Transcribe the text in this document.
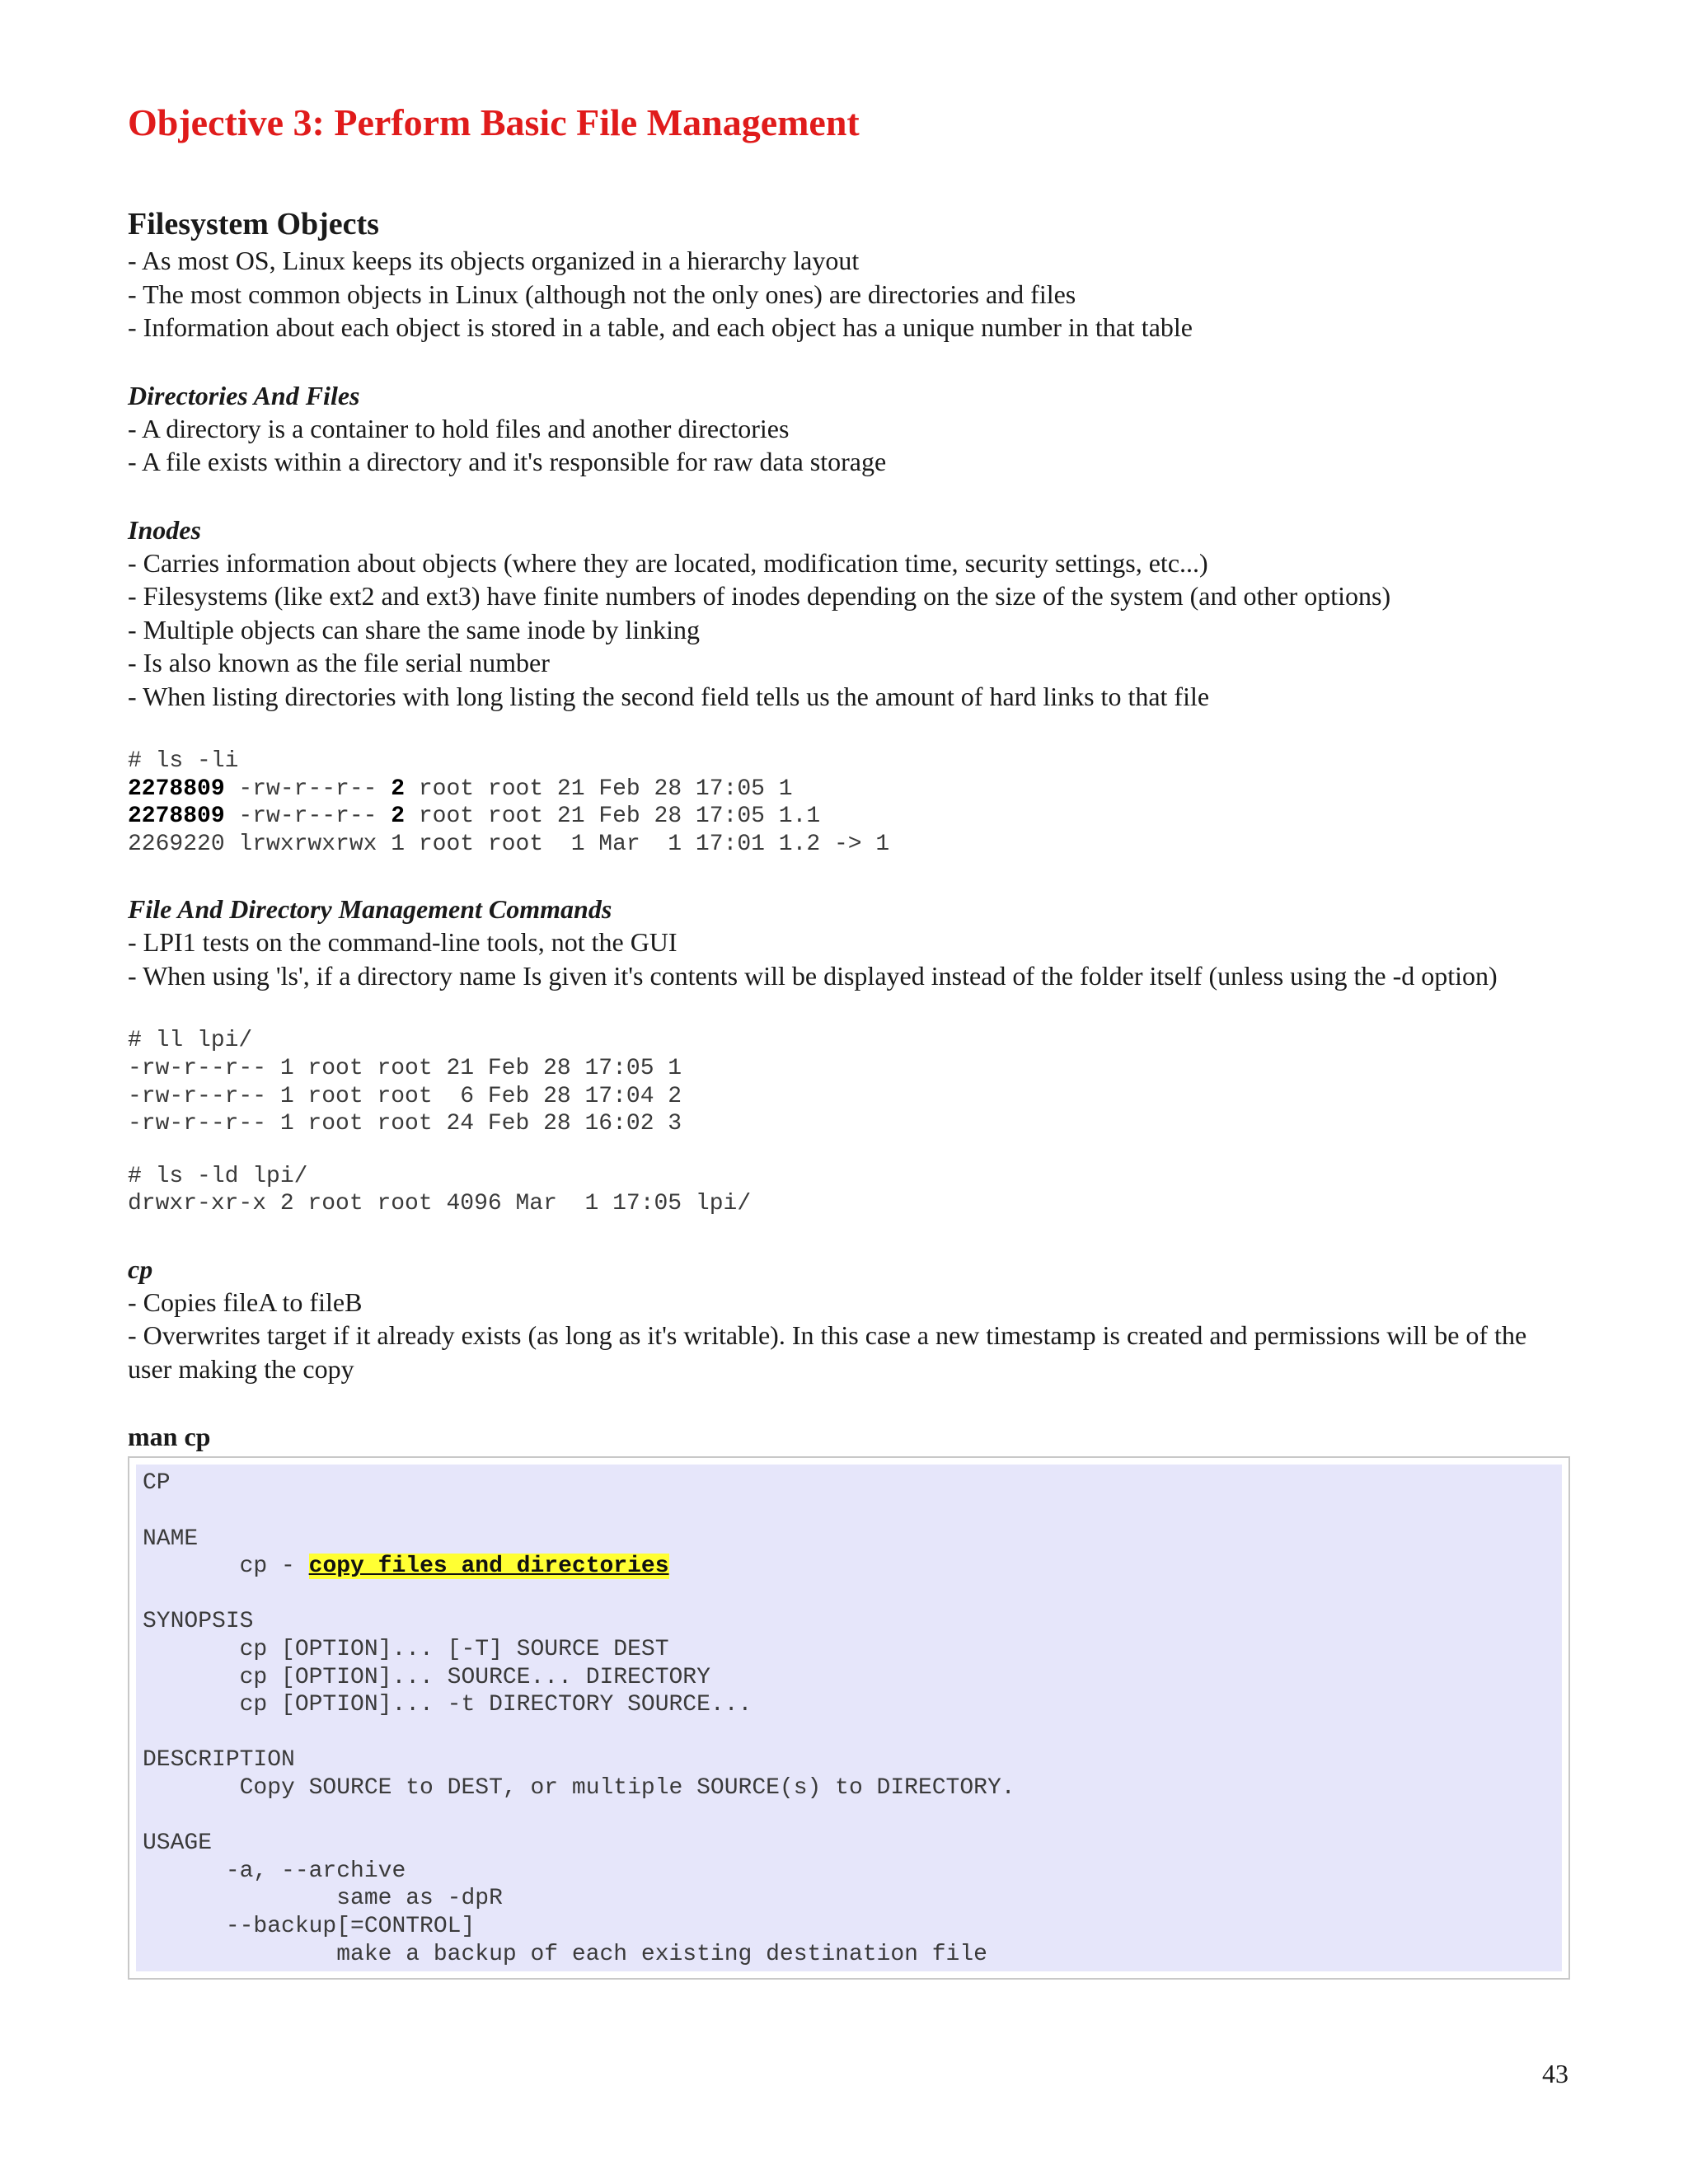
Objective 3: Perform Basic File Management
Filesystem Objects

- As most OS, Linux keeps its objects organized in a hierarchy layout

- The most common objects in Linux (although not the only ones) are directories and files

- Information about each object is stored in a table, and each object has a unique number in that table

Directories And Files

- A directory is a container to hold files and another directories

- A file exists within a directory and it's responsible for raw data storage

Inodes

- Carries information about objects (where they are located, modification time, security settings, etc...)

- Filesystems (like ext2 and ext3) have finite numbers of inodes depending on the size of the system (and other options)

- Multiple objects can share the same inode by linking

- Is also known as the file serial number

- When listing directories with long listing the second field tells us the amount of hard links to that file

# ls -li
2278809 -rw-r--r-- 2 root root 21 Feb 28 17:05 1
2278809 -rw-r--r-- 2 root root 21 Feb 28 17:05 1.1
2269220 lrwxrwxrwx 1 root root  1 Mar  1 17:01 1.2 -> 1
File And Directory Management Commands

- LPI1 tests on the command-line tools, not the GUI

- When using 'ls', if a directory name Is given it's contents will be displayed instead of the folder itself (unless using the -d option)

# ll lpi/
-rw-r--r-- 1 root root 21 Feb 28 17:05 1
-rw-r--r-- 1 root root  6 Feb 28 17:04 2
-rw-r--r-- 1 root root 24 Feb 28 16:02 3
# ls -ld lpi/
drwxr-xr-x 2 root root 4096 Mar  1 17:05 lpi/
cp

- Copies fileA to fileB

- Overwrites target if it already exists (as long as it's writable). In this case a new timestamp is created and permissions will be of the user making the copy

man cp
CP

NAME
cp - copy files and directories

SYNOPSIS
cp [OPTION]... [-T] SOURCE DEST
cp [OPTION]... SOURCE... DIRECTORY
cp [OPTION]... -t DIRECTORY SOURCE...

DESCRIPTION
Copy SOURCE to DEST, or multiple SOURCE(s) to DIRECTORY.

USAGE
-a, --archive
same as -dpR
--backup[=CONTROL]
make a backup of each existing destination file
43
